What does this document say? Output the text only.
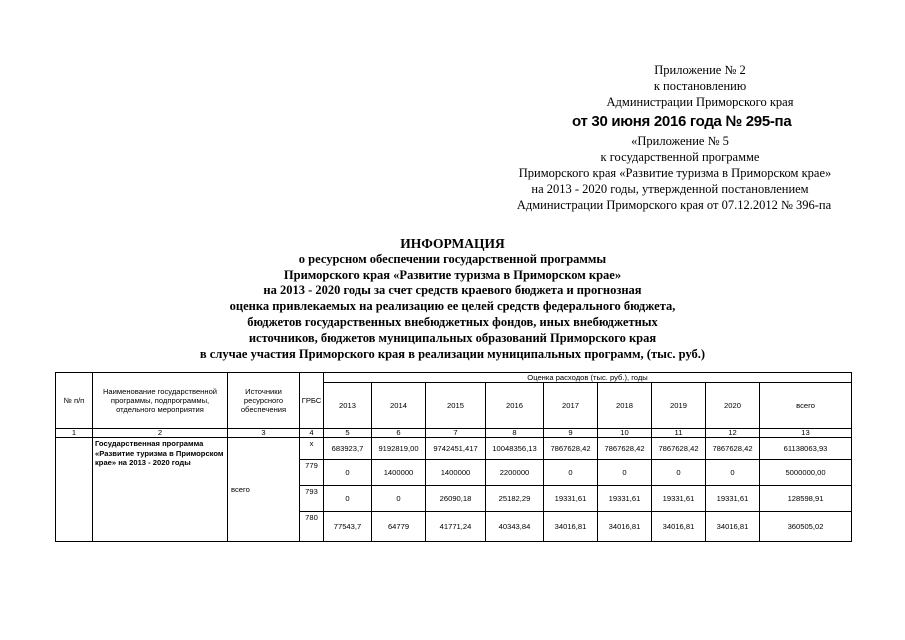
Приложение № 2
к постановлению
Администрации Приморского края
от 30 июня 2016 года № 295-па
«Приложение № 5
к государственной программе
Приморского края «Развитие туризма в Приморском крае»
на 2013 - 2020 годы, утвержденной постановлением
Администрации Приморского края от 07.12.2012 № 396-па
ИНФОРМАЦИЯ
о ресурсном обеспечении государственной программы
Приморского края «Развитие туризма в Приморском крае»
на 2013 - 2020 годы за счет средств краевого бюджета и прогнозная
оценка привлекаемых на реализацию ее целей средств федерального бюджета,
бюджетов государственных внебюджетных фондов, иных внебюджетных
источников, бюджетов муниципальных образований Приморского края
в случае участия Приморского края в реализации муниципальных программ, (тыс. руб.)
№ п/п	Наименование государственной программы, подпрограммы, отдельного мероприятия	Источники ресурсного обеспечения	ГРБС	Оценка расходов (тыс. руб.), годы								
				2013	2014	2015	2016	2017	2018	2019	2020	всего
1	2	3	4	5	6	7	8	9	10	11	12	13
	Государственная программа «Развитие туризма в Приморском крае» на 2013 - 2020 годы	всего	x	683923,7	9192819,00	9742451,417	10048356,13	7867628,42	7867628,42	7867628,42	7867628,42	61138063,93
			779	0	1400000	1400000	2200000	0	0	0	0	5000000,00
			793	0	0	26090,18	25182,29	19331,61	19331,61	19331,61	19331,61	128598,91
			780	77543,7	64779	41771,24	40343,84	34016,81	34016,81	34016,81	34016,81	360505,02
